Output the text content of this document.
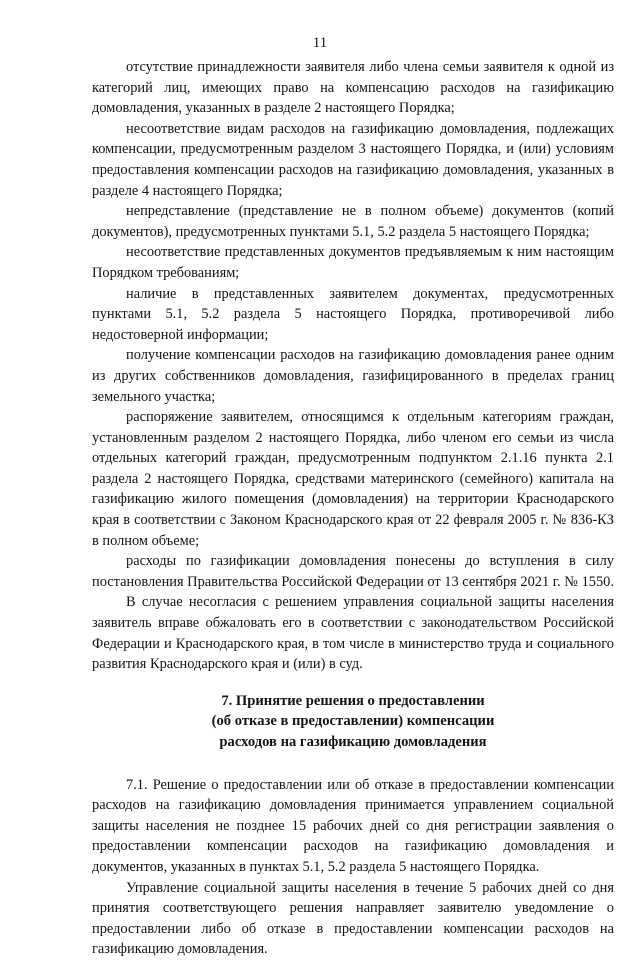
11

отсутствие принадлежности заявителя либо члена семьи заявителя к одной из категорий лиц, имеющих право на компенсацию расходов на газификацию домовладения, указанных в разделе 2 настоящего Порядка;

несоответствие видам расходов на газификацию домовладения, подлежащих компенсации, предусмотренным разделом 3 настоящего Порядка, и (или) условиям предоставления компенсации расходов на газификацию домовладения, указанных в разделе 4 настоящего Порядка;

непредставление (представление не в полном объеме) документов (копий документов), предусмотренных пунктами 5.1, 5.2 раздела 5 настоящего Порядка;

несоответствие представленных документов предъявляемым к ним настоящим Порядком требованиям;

наличие в представленных заявителем документах, предусмотренных пунктами 5.1, 5.2 раздела 5 настоящего Порядка, противоречивой либо недостоверной информации;

получение компенсации расходов на газификацию домовладения ранее одним из других собственников домовладения, газифицированного в пределах границ земельного участка;

распоряжение заявителем, относящимся к отдельным категориям граждан, установленным разделом 2 настоящего Порядка, либо членом его семьи из числа отдельных категорий граждан, предусмотренным подпунктом 2.1.16 пункта 2.1 раздела 2 настоящего Порядка, средствами материнского (семейного) капитала на газификацию жилого помещения (домовладения) на территории Краснодарского края в соответствии с Законом Краснодарского края от 22 февраля 2005 г. № 836-КЗ в полном объеме;

расходы по газификации домовладения понесены до вступления в силу постановления Правительства Российской Федерации от 13 сентября 2021 г. № 1550.

В случае несогласия с решением управления социальной защиты населения заявитель вправе обжаловать его в соответствии с законодательством Российской Федерации и Краснодарского края, в том числе в министерство труда и социального развития Краснодарского края и (или) в суд.

7. Принятие решения о предоставлении
(об отказе в предоставлении) компенсации
расходов на газификацию домовладения

7.1. Решение о предоставлении или об отказе в предоставлении компенсации расходов на газификацию домовладения принимается управлением социальной защиты населения не позднее 15 рабочих дней со дня регистрации заявления о предоставлении компенсации расходов на газификацию домовладения и документов, указанных в пунктах 5.1, 5.2 раздела 5 настоящего Порядка.

Управление социальной защиты населения в течение 5 рабочих дней со дня принятия соответствующего решения направляет заявителю уведомление о предоставлении либо об отказе в предоставлении компенсации расходов на газификацию домовладения.
